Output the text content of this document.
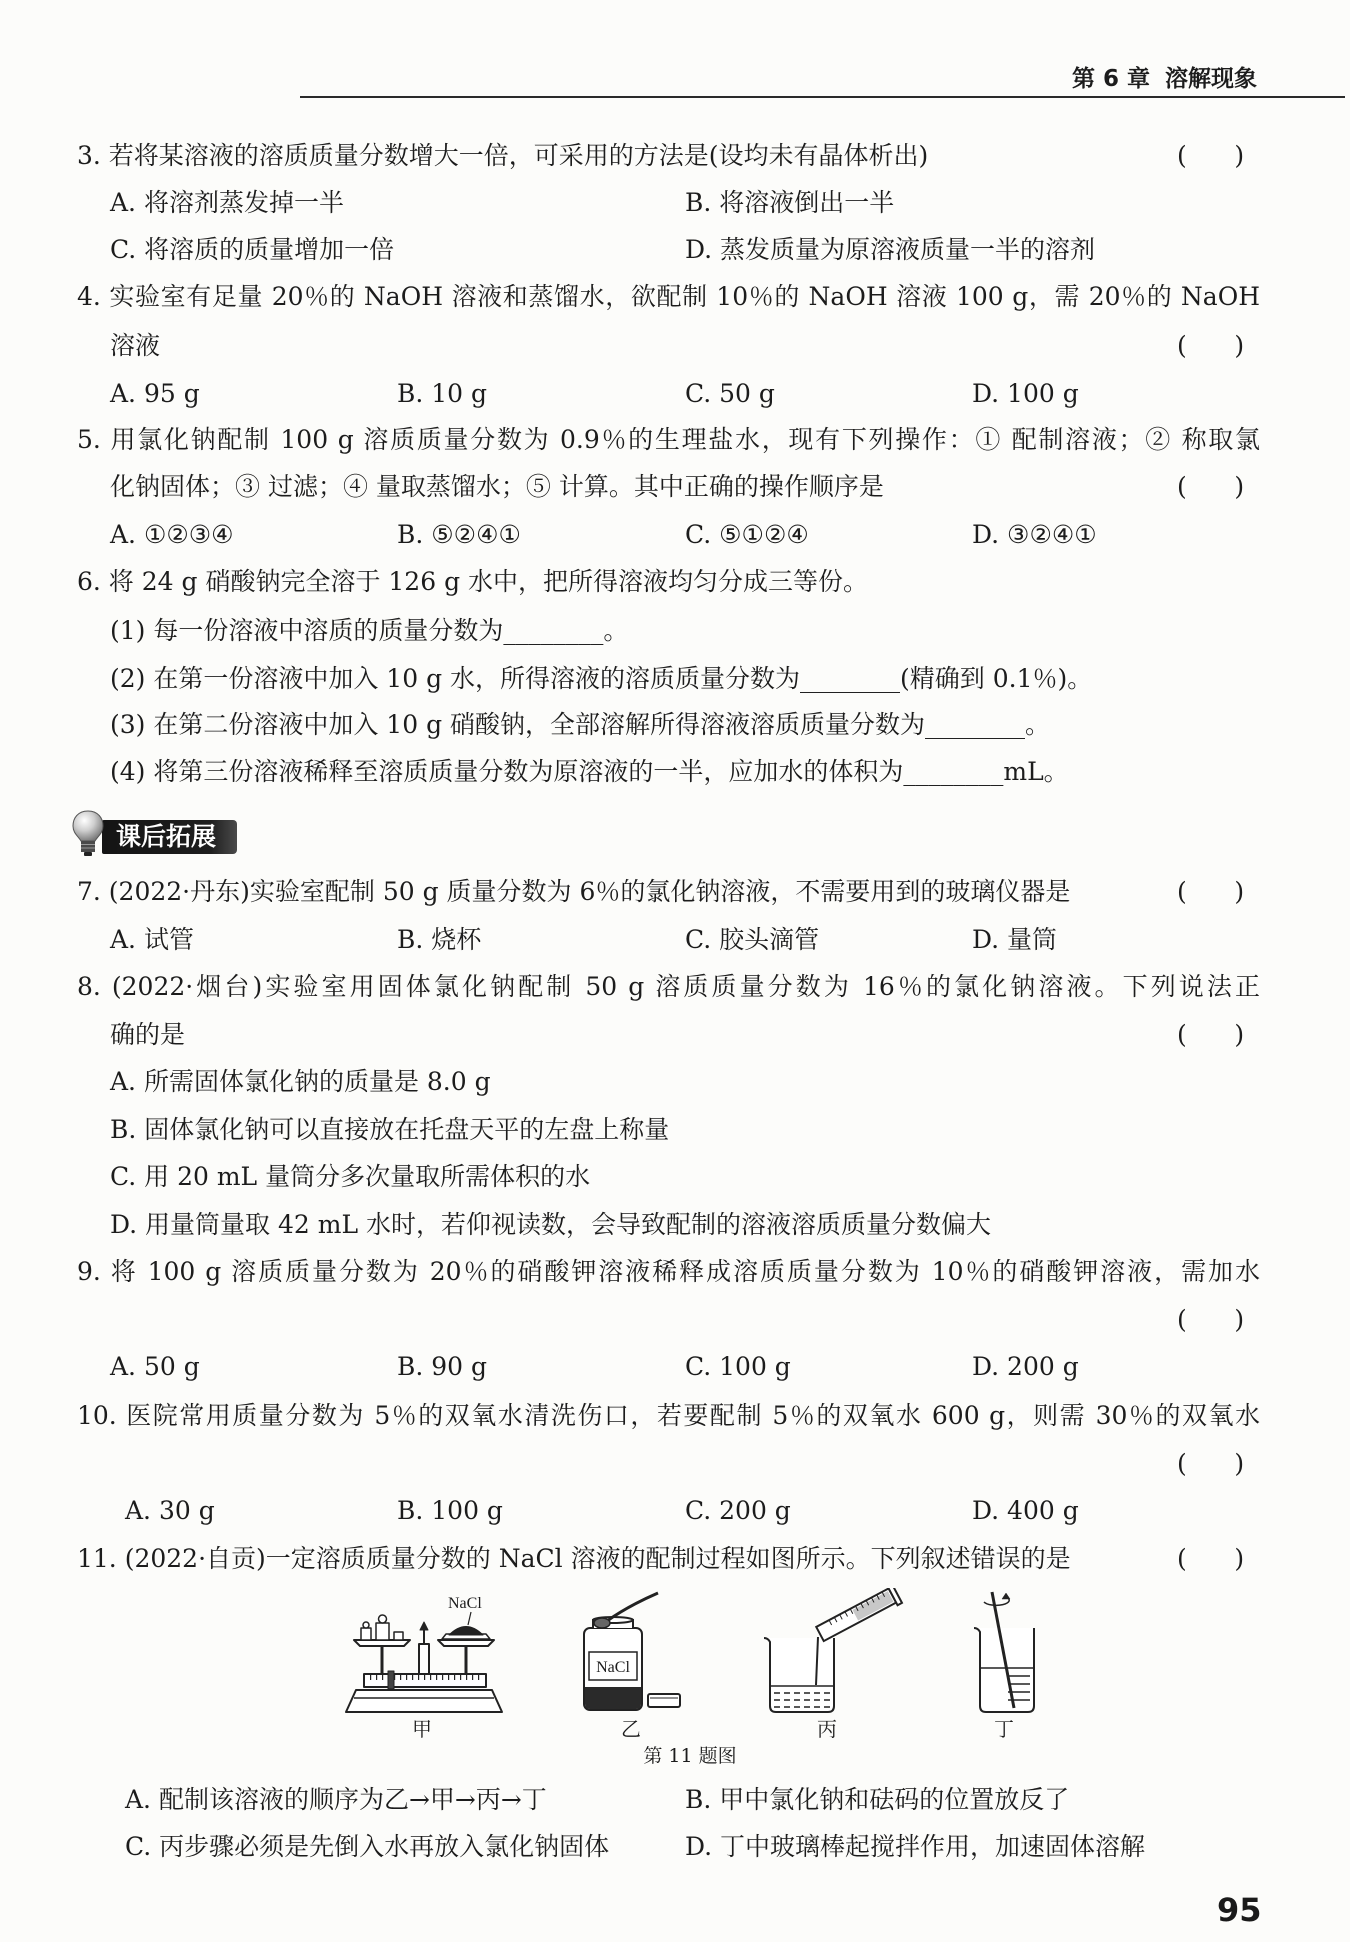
第 6 章 溶解现象
3. 若将某溶液的溶质质量分数增大一倍，可采用的方法是(设均未有晶体析出)	(      )
A. 将溶剂蒸发掉一半	B. 将溶液倒出一半
C. 将溶质的质量增加一倍	D. 蒸发质量为原溶液质量一半的溶剂
4. 实验室有足量 20％的 NaOH 溶液和蒸馏水，欲配制 10％的 NaOH 溶液 100 g，需 20％的 NaOH
溶液	(      )
A. 95 g	B. 10 g	C. 50 g	D. 100 g
5. 用氯化钠配制 100 g 溶质质量分数为 0.9％的生理盐水，现有下列操作：① 配制溶液；② 称取氯
化钠固体；③ 过滤；④ 量取蒸馏水；⑤ 计算。其中正确的操作顺序是	(      )
A. ①②③④	B. ⑤②④①	C. ⑤①②④	D. ③②④①
6. 将 24 g 硝酸钠完全溶于 126 g 水中，把所得溶液均匀分成三等份。
(1) 每一份溶液中溶质的质量分数为________。
(2) 在第一份溶液中加入 10 g 水，所得溶液的溶质质量分数为________(精确到 0.1％)。
(3) 在第二份溶液中加入 10 g 硝酸钠，全部溶解所得溶液溶质质量分数为________。
(4) 将第三份溶液稀释至溶质质量分数为原溶液的一半，应加水的体积为________mL。
课后拓展
7. (2022·丹东)实验室配制 50 g 质量分数为 6％的氯化钠溶液，不需要用到的玻璃仪器是	(      )
A. 试管	B. 烧杯	C. 胶头滴管	D. 量筒
8. (2022·烟台)实验室用固体氯化钠配制 50 g 溶质质量分数为 16％的氯化钠溶液。下列说法正
确的是	(      )
A. 所需固体氯化钠的质量是 8.0 g
B. 固体氯化钠可以直接放在托盘天平的左盘上称量
C. 用 20 mL 量筒分多次量取所需体积的水
D. 用量筒量取 42 mL 水时，若仰视读数，会导致配制的溶液溶质质量分数偏大
9. 将 100 g 溶质质量分数为 20％的硝酸钾溶液稀释成溶质质量分数为 10％的硝酸钾溶液，需加水
(      )
A. 50 g	B. 90 g	C. 100 g	D. 200 g
10. 医院常用质量分数为 5％的双氧水清洗伤口，若要配制 5％的双氧水 600 g，则需 30％的双氧水
(      )
A. 30 g	B. 100 g	C. 200 g	D. 400 g
11. (2022·自贡)一定溶质质量分数的 NaCl 溶液的配制过程如图所示。下列叙述错误的是	(      )
NaCl
NaCl
甲	乙	丙	丁
第 11 题图
A. 配制该溶液的顺序为乙→甲→丙→丁	B. 甲中氯化钠和砝码的位置放反了
C. 丙步骤必须是先倒入水再放入氯化钠固体	D. 丁中玻璃棒起搅拌作用，加速固体溶解
95
